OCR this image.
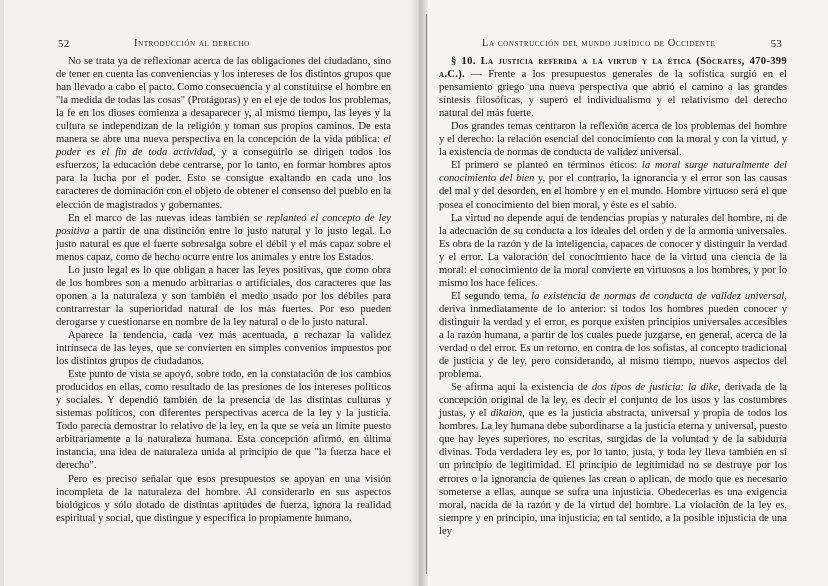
52	Introducción al derecho

No se trata ya de reflexionar acerca de las obligaciones del ciudadano, sino de tener en cuenta las conveniencias y los intereses de los distintos grupos que han llevado a cabo el pacto. Como consecuencia y al constituirse el hombre en "la medida de todas las cosas" (Protágoras) y en el eje de todos los problemas, la fe en los dioses comienza a desaparecer y, al mismo tiempo, las leyes y la cultura se independizan de la religión y toman sus propios caminos. De esta manera se abre una nueva perspectiva en la concepción de la vida pública: el poder es el fin de toda actividad, y a conseguirlo se dirigen todos los esfuerzos; la educación debe centrarse, por lo tanto, en formar hombres aptos para la lucha por el poder. Esto se consigue exaltando en cada uno los caracteres de dominación con el objeto de obtener el consenso del pueblo en la elección de magistrados y gobernantes.

En el marco de las nuevas ideas también se replanteó el concepto de ley positiva a partir de una distinción entre lo justo natural y lo justo legal. Lo justo natural es que el fuerte sobresalga sobre el débil y el más capaz sobre el menos capaz, como de hecho ocurre entre los animales y entre los Estados.

Lo justo legal es lo que obligan a hacer las leyes positivas, que como obra de los hombres son a menudo arbitrarias o artificiales, dos caracteres que las oponen a la naturaleza y son también el medio usado por los débiles para contrarrestar la superioridad natural de los más fuertes. Por eso pueden derogarse y cuestionarse en nombre de la ley natural o de lo justo natural.

Aparece la tendencia, cada vez más acentuada, a rechazar la validez intrínseca de las leyes, que se convierten en simples convenios impuestos por los distintos grupos de ciudadanos.

Este punto de vista se apoyó, sobre todo, en la constatación de los cambios producidos en ellas, como resultado de las presiones de los intereses políticos y sociales. Y dependió también de la presencia de las distintas culturas y sistemas políticos, con diferentes perspectivas acerca de la ley y la justicia. Todo parecía demostrar lo relativo de la ley, en la que se veía un límite puesto arbitrariamente a la naturaleza humana. Esta concepción afirmó, en última instancia, una idea de naturaleza unida al principio de que "la fuerza hace el derecho".

Pero es preciso señalar que esos presupuestos se apoyan en una visión incompleta de la naturaleza del hombre. Al considerarlo en sus aspectos biológicos y sólo dotado de distintas aptitudes de fuerza, ignora la realidad espiritual y social, que distingue y especifica lo propiamente humano.

La construcción del mundo jurídico de Occidente	53

§ 10. La justicia referida a la virtud y la ética (Sócrates, 470-399 a.C.). — Frente a los presupuestos generales de la sofística surgió en el pensamiento griego una nueva perspectiva que abrió el camino a las grandes síntesis filosóficas, y superó el individualismo y el relativismo del derecho natural del más fuerte.

Dos grandes temas centraron la reflexión acerca de los problemas del hombre y el derecho: la relación esencial del conocimiento con la moral y con la virtud, y la existencia de normas de conducta de validez universal.

El primero se planteó en términos éticos: la moral surge naturalmente del conocimiento del bien y, por el contrario, la ignorancia y el error son las causas del mal y del desorden, en el hombre y en el mundo. Hombre virtuoso será el que posea el conocimiento del bien moral, y éste es el sabio.

La virtud no depende aquí de tendencias propias y naturales del hombre, ni de la adecuación de su conducta a los ideales del orden y de la armonía universales. Es obra de la razón y de la inteligencia, capaces de conocer y distinguir la verdad y el error. La valoración del conocimiento hace de la virtud una ciencia de la moral: el conocimiento de la moral convierte en virtuosos a los hombres, y por lo mismo los hace felices.

El segundo tema, la existencia de normas de conducta de validez universal, deriva inmediatamente de lo anterior: si todos los hombres pueden conocer y distinguir la verdad y el error, es porque existen principios universales accesibles a la razón humana, a partir de los cuales puede juzgarse, en general, acerca de la verdad o del error. Es un retorno, en contra de los sofistas, al concepto tradicional de justicia y de ley, pero considerando, al mismo tiempo, nuevos aspectos del problema.

Se afirma aquí la existencia de dos tipos de justicia: la dike, derivada de la concepción original de la ley, es decir el conjunto de los usos y las costumbres justas, y el dikaion, que es la justicia abstracta, universal y propia de todos los hombres. La ley humana debe subordinarse a la justicia eterna y universal, puesto que hay leyes superiores, no escritas, surgidas de la voluntad y de la sabiduría divinas. Toda verdadera ley es, por lo tanto, justa, y toda ley lleva también en sí un principio de legitimidad. El principio de legitimidad no se destruye por los errores o la ignorancia de quienes las crean o aplican, de modo que es necesario someterse a ellas, aunque se sufra una injusticia. Obedecerlas es una exigencia moral, nacida de la razón y de la virtud del hombre. La violación de la ley es, siempre y en principio, una injusticia; en tal sentido, a la posible injusticia de una ley
